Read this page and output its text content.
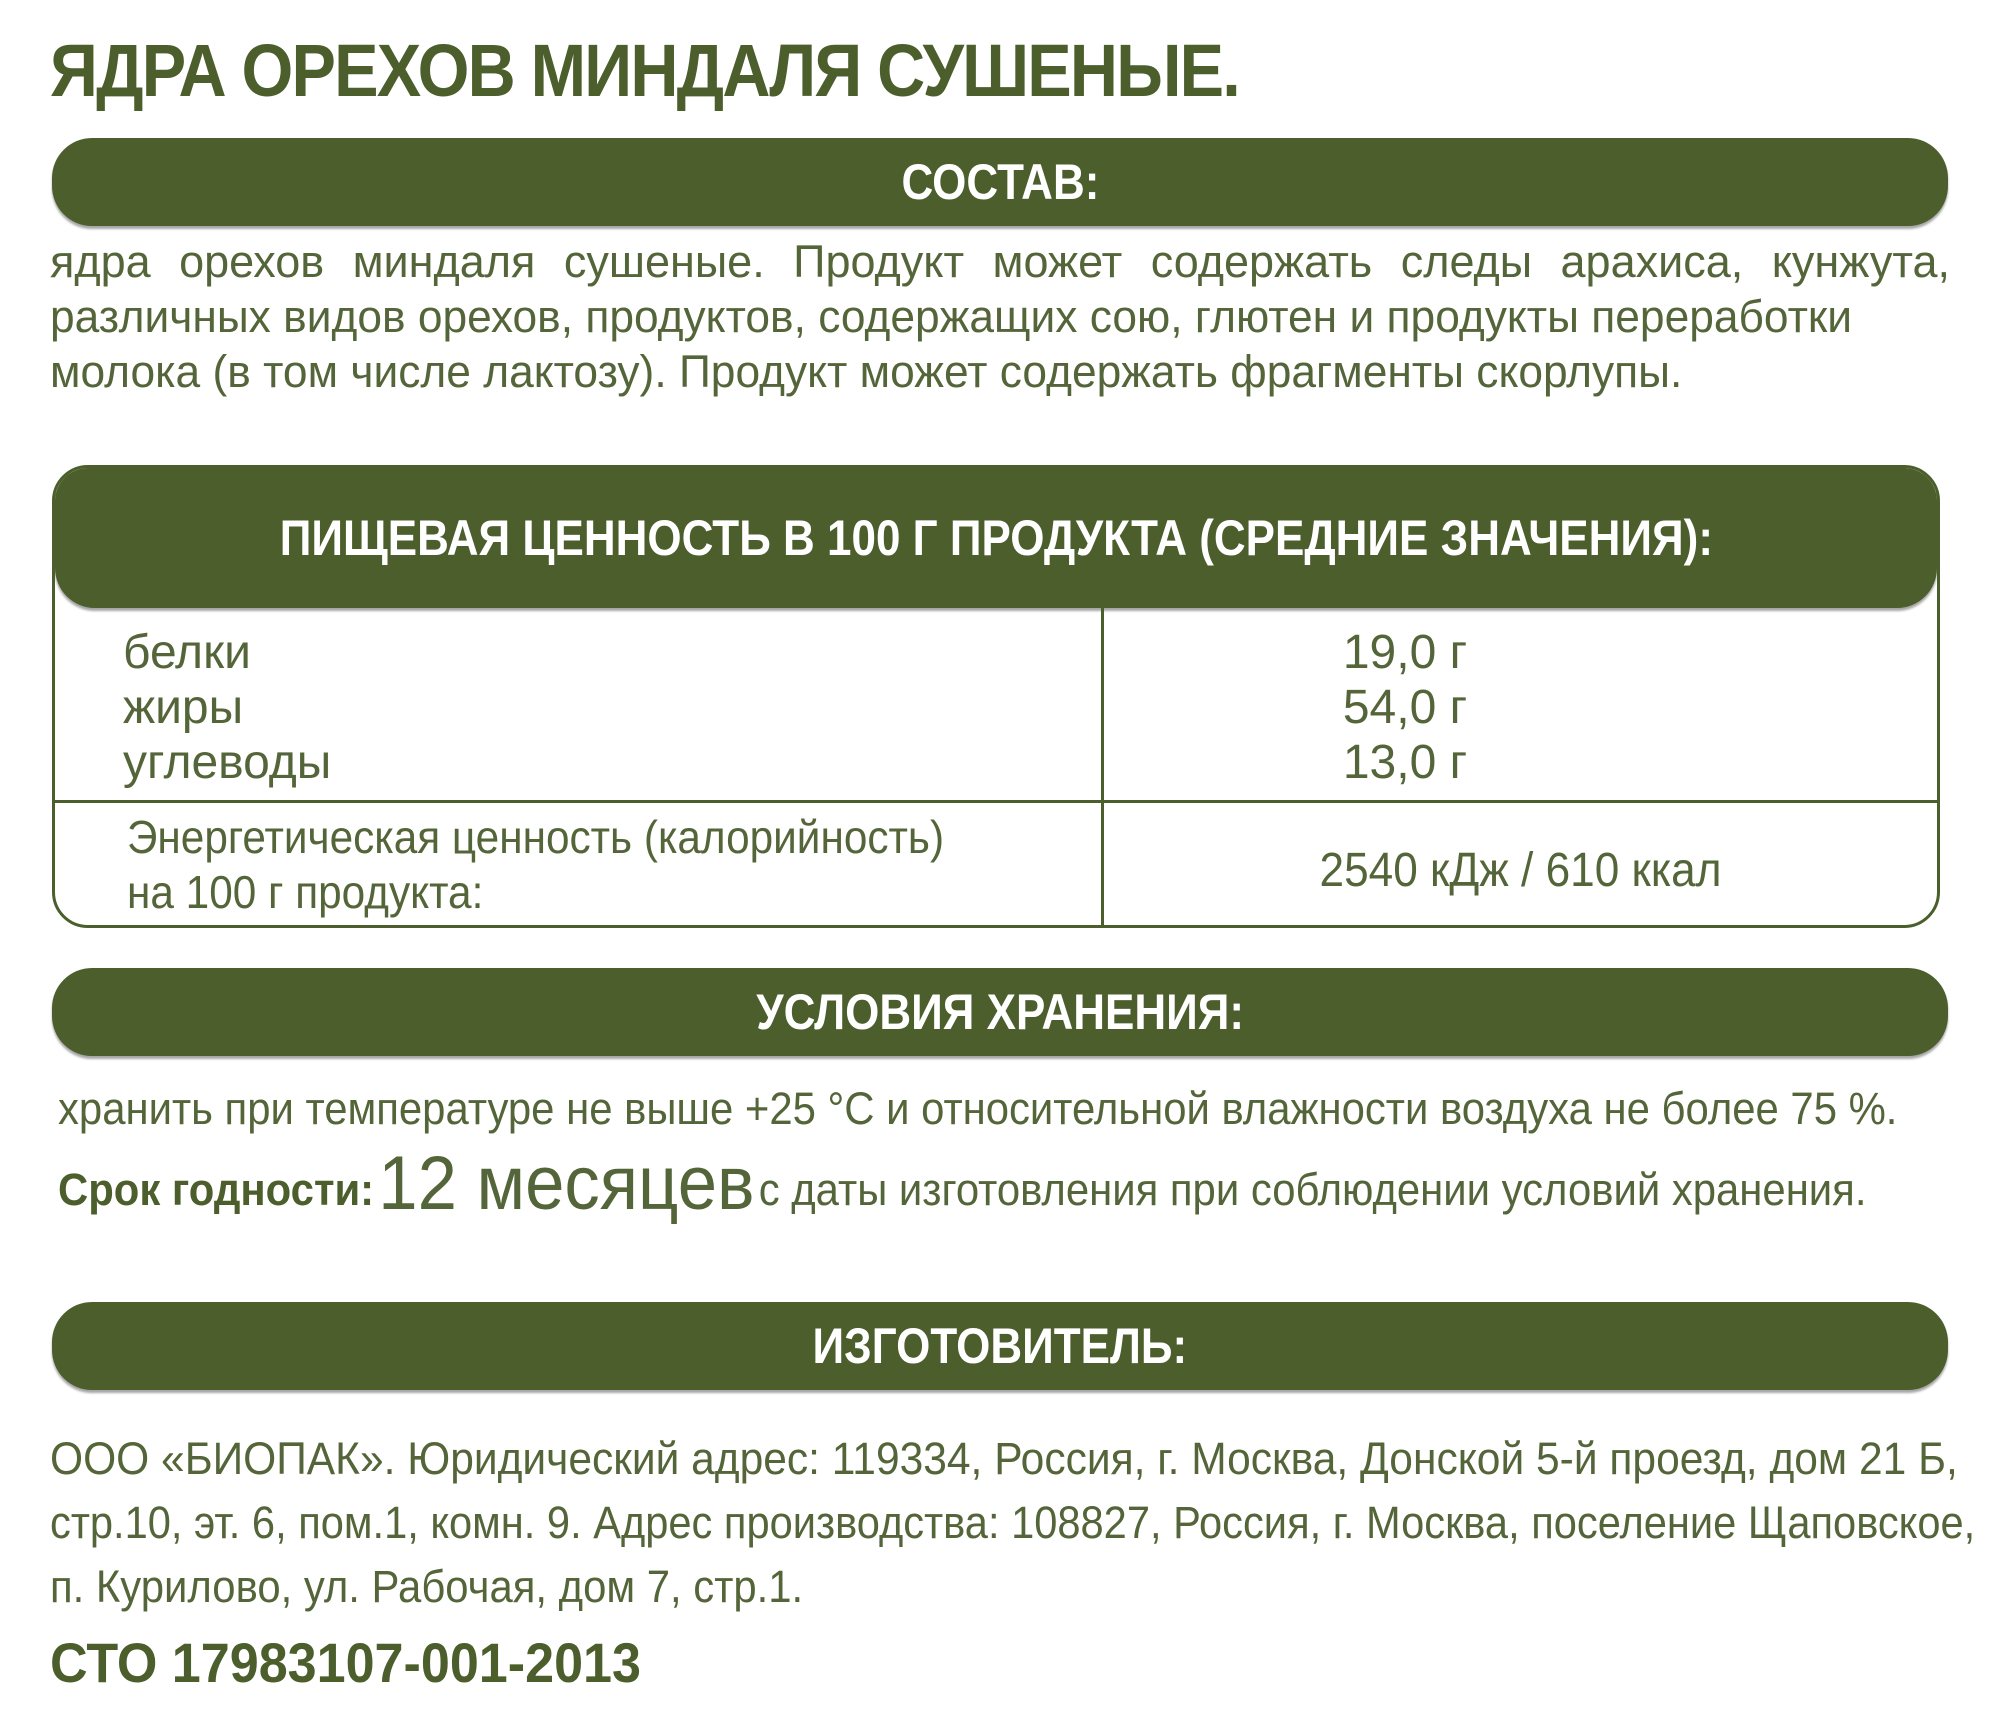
ЯДРА ОРЕХОВ МИНДАЛЯ СУШЕНЫЕ.
СОСТАВ:
ядра орехов миндаля сушеные. Продукт может содержать следы арахиса, кунжута,
различных видов орехов, продуктов, содержащих сою, глютен и продукты переработки
молока (в том числе лактозу). Продукт может содержать фрагменты скорлупы.
ПИЩЕВАЯ ЦЕННОСТЬ В 100 Г ПРОДУКТА (СРЕДНИЕ ЗНАЧЕНИЯ):
белки
жиры
углеводы
19,0 г
54,0 г
13,0 г
Энергетическая ценность (калорийность)
на 100 г продукта:	2540 кДж / 610 ккал
УСЛОВИЯ ХРАНЕНИЯ:
хранить при температуре не выше +25 °С и относительной влажности воздуха не более 75 %.
Срок годности: 12 месяцев с даты изготовления при соблюдении условий хранения.
ИЗГОТОВИТЕЛЬ:
ООО «БИОПАК». Юридический адрес: 119334, Россия, г. Москва, Донской 5-й проезд, дом 21 Б,
стр.10, эт. 6, пом.1, комн. 9. Адрес производства: 108827, Россия, г. Москва, поселение Щаповское,
п. Курилово, ул. Рабочая, дом 7, стр.1.
СТО 17983107-001-2013
